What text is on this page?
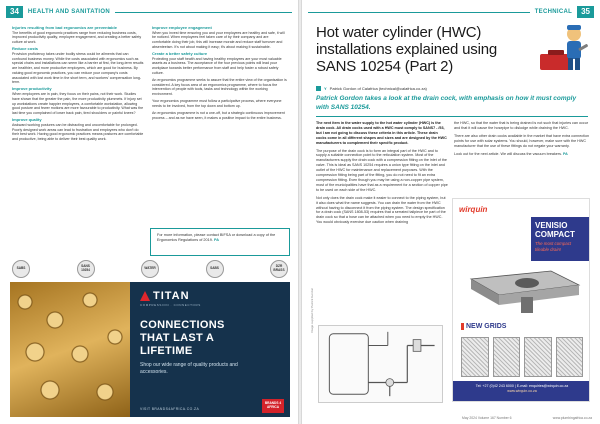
34	HEALTH AND SANITATION
Injuries resulting from bad ergonomics are preventable

The benefits of good ergonomic practices range from reducing business costs, improved productivity quality, employee engagement, and creating a better safety culture at work.

Reduce costs

Provision proficiency takes under bodily stress could be ailments that can confound business money. While the costs associated with ergonomics such as special chairs and installations can seem like a barrier at first, the long-term results are healthier, and more productive employees, which are good for business. By valuing good ergonomic practices, you can reduce your company's costs associated with lost work time in the short term, and workers' compensation long-term.

Improve productivity

When employees are in pain, they focus on their pains, not their work. Studies have shown that the greater the pain, the more productivity plummets. If injury set up workstations create happier employees, a comfortable workstation, allowing good posture and fewer motions are more favourable to productivity. What was the last time you complained of lower back pain, tired shoulders or painful knees?

Improve quality

Awkward working postures can be distracting and uncomfortable for prolonged. Poorly designed work areas can lead to frustration and employees who don't do their best work. Having good ergonomic practices means postures are comfortable and productive, being able to deliver their best quality work.

Improve employee engagement

When you invest time ensuring you and your employees are healthy and safe, it will be noticed. When employees feel taken care of by their company and are comfortable doing their job, this will increase morale and reduce staff turnover and absenteeism. It's not about making it easy; it's about making it sustainable.

Create a better safety culture

Protecting your staff health and having healthy employees are your most valuable assets as a business. The acceptance of the four previous points will lead your workplace towards better performance from staff and help foster a robust safety culture.

An ergonomics programme seeks to assure that the entire view of the organisation is considered. A key focus area of an ergonomics programme, where to focus the intervention of people with tools, tasks and technology within the working environment.

Your ergonomics programme must follow a participative process, where everyone needs to be involved, from the top down and bottom up.

An ergonomics programme is not a one-off, but a strategic continuous improvement process – and as we have seen, it makes a positive impact to the entire business.

For more information, please contact BIFSA or download a copy of the Ergonomics Regulations of 2019. PA
SABS	SANS 10254	WATER	SABS	DZR BRASS
TITAN
COMPRESSION · CONNECTORS
CONNECTIONS
THAT LAST A
LIFETIME
Shop our wide range of quality products and accessories.
VISIT BRANDS4AFRICA.CO.ZA
BRANDS 4 AFRICA
TECHNICAL	35
Hot water cylinder (HWC) installations explained using SANS 10254 (Part 2)
Y Patrick Gordon of Calafrica (technical@calafrica.co.za)

Patrick Gordon takes a look at the drain cock, with emphasis on how it must comply with SANS 10254.

The next item in the water supply to the hot water cylinder (HWC) is the drain cock. All drain cocks used with a HWC must comply to SANS7 - /53, but I am not going to discuss these criteria in this article. These drain cocks come in all different shapes and sizes and are designed by the HWC manufacturers to complement their specific product.

The purpose of the drain cock is to form an integral part of the HWC and to supply a suitable connection point to the reticulation system. Most of the manufacturers supply the drain cock with a compression fitting on the inlet of the valve. This is ideal as SANS 10254 requires a union type fitting on the inlet and outlet of the HWC for maintenance and replacement purposes. With the compression fitting being part of the fitting, you do not need to fit an extra compression fitting. Even though you may be using a non-copper pipe system, most of the municipalities have that as a requirement for a section of copper pipe to be used on each side of the HWC.

Not only does the drain cock make it easier to connect to the piping system, but it also does what the name suggests. You can drain the water from the HWC without having to disconnect it from the piping system. The design specification for a drain cock (SANS 1808-53) requires that a serrated tailpiece be part of the drain cock so that a hose can be attached when you need to empty the HWC. You would obviously exercise due caution when draining

the HWC, so that the water that is being drained is not such that injuries can occur and that it will cause the hosepipe to dislodge while draining the HWC.

There are also other drain cocks available in the market that have extra connection points for use with solar systems. You should, however, make sure with the HWC manufacturer that the use of these fittings do not negate your warranty.

Look out for the next article. We will discuss the vacuum breakers. PA

Image supplied by Patrick Gordon
wirquin
VENISIO
COMPACT
The most compact tileable drain!
NEW GRIDS
Tel: +27 (0)42 243 6000 | E-mail: enquiries@wirquin.co.za
www.wirquin.co.za
May 2024 Volume 167 Number 6	www.plumbingafrica.co.za
